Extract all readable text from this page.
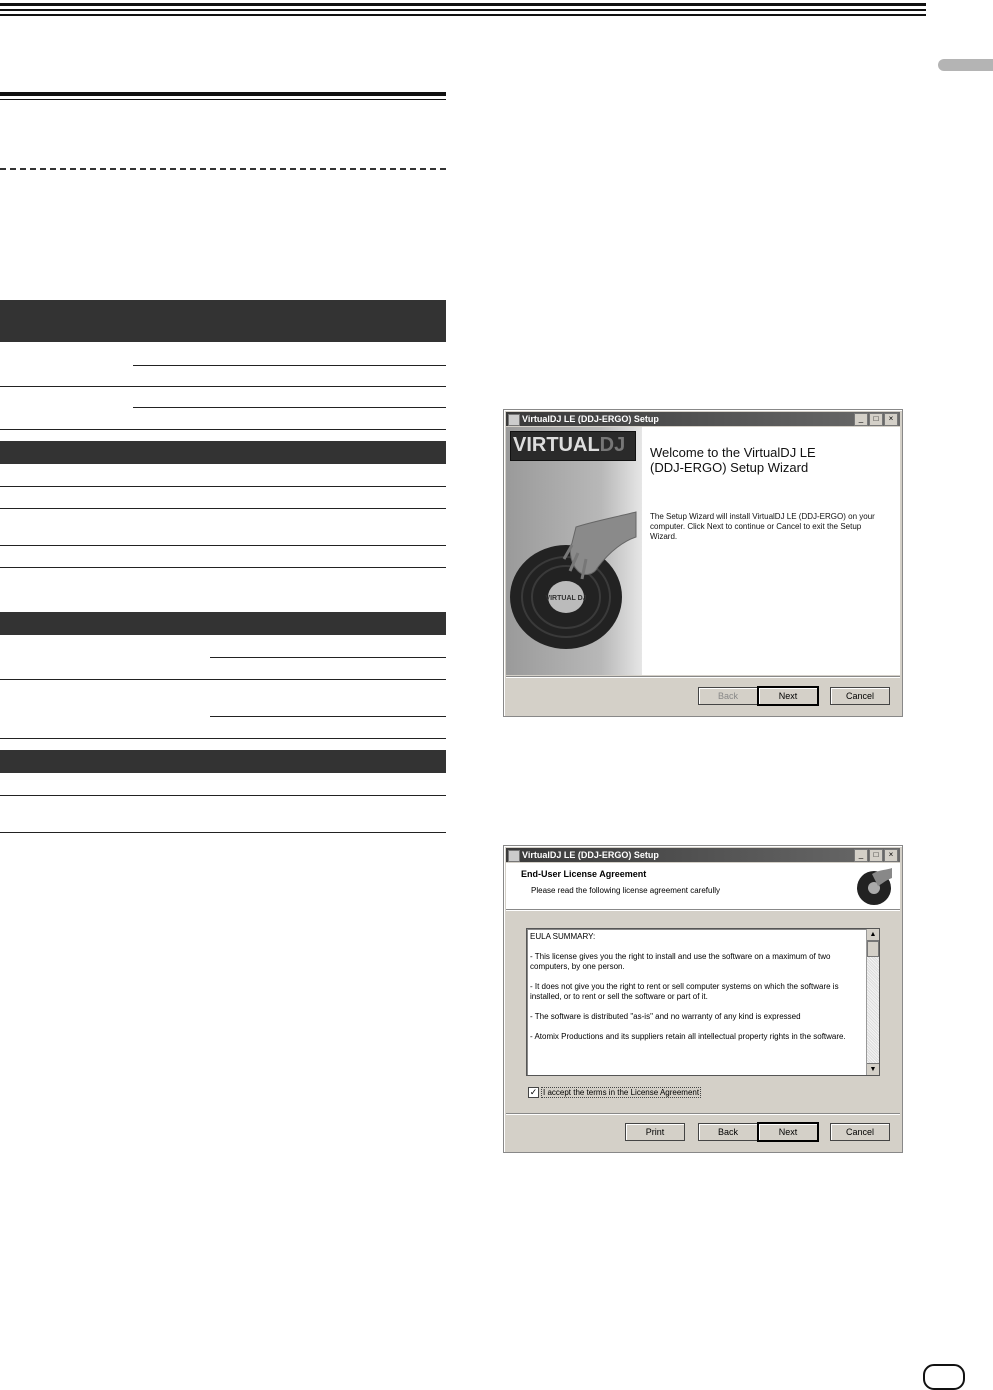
VirtualDJ LE (DDJ-ERGO) Setup	_	□	×
VIRTUALDJ
VIRTUAL DJ
Welcome to the VirtualDJ LE (DDJ-ERGO) Setup Wizard
The Setup Wizard will install VirtualDJ LE (DDJ-ERGO) on your computer. Click Next to continue or Cancel to exit the Setup Wizard.
Back	Next	Cancel
VirtualDJ LE (DDJ-ERGO) Setup	_	□	×
End-User License Agreement
Please read the following license agreement carefully
EULA SUMMARY:
- This license gives you the right to install and use the software on a maximum of two computers, by one person.
- It does not give you the right to rent or sell computer systems on which the software is installed, or to rent or sell the software or part of it.
- The software is distributed "as-is" and no warranty of any kind is expressed
- Atomix Productions and its suppliers retain all intellectual property rights in the software.
▲
▼
✓ I accept the terms in the License Agreement
Print	Back	Next	Cancel
